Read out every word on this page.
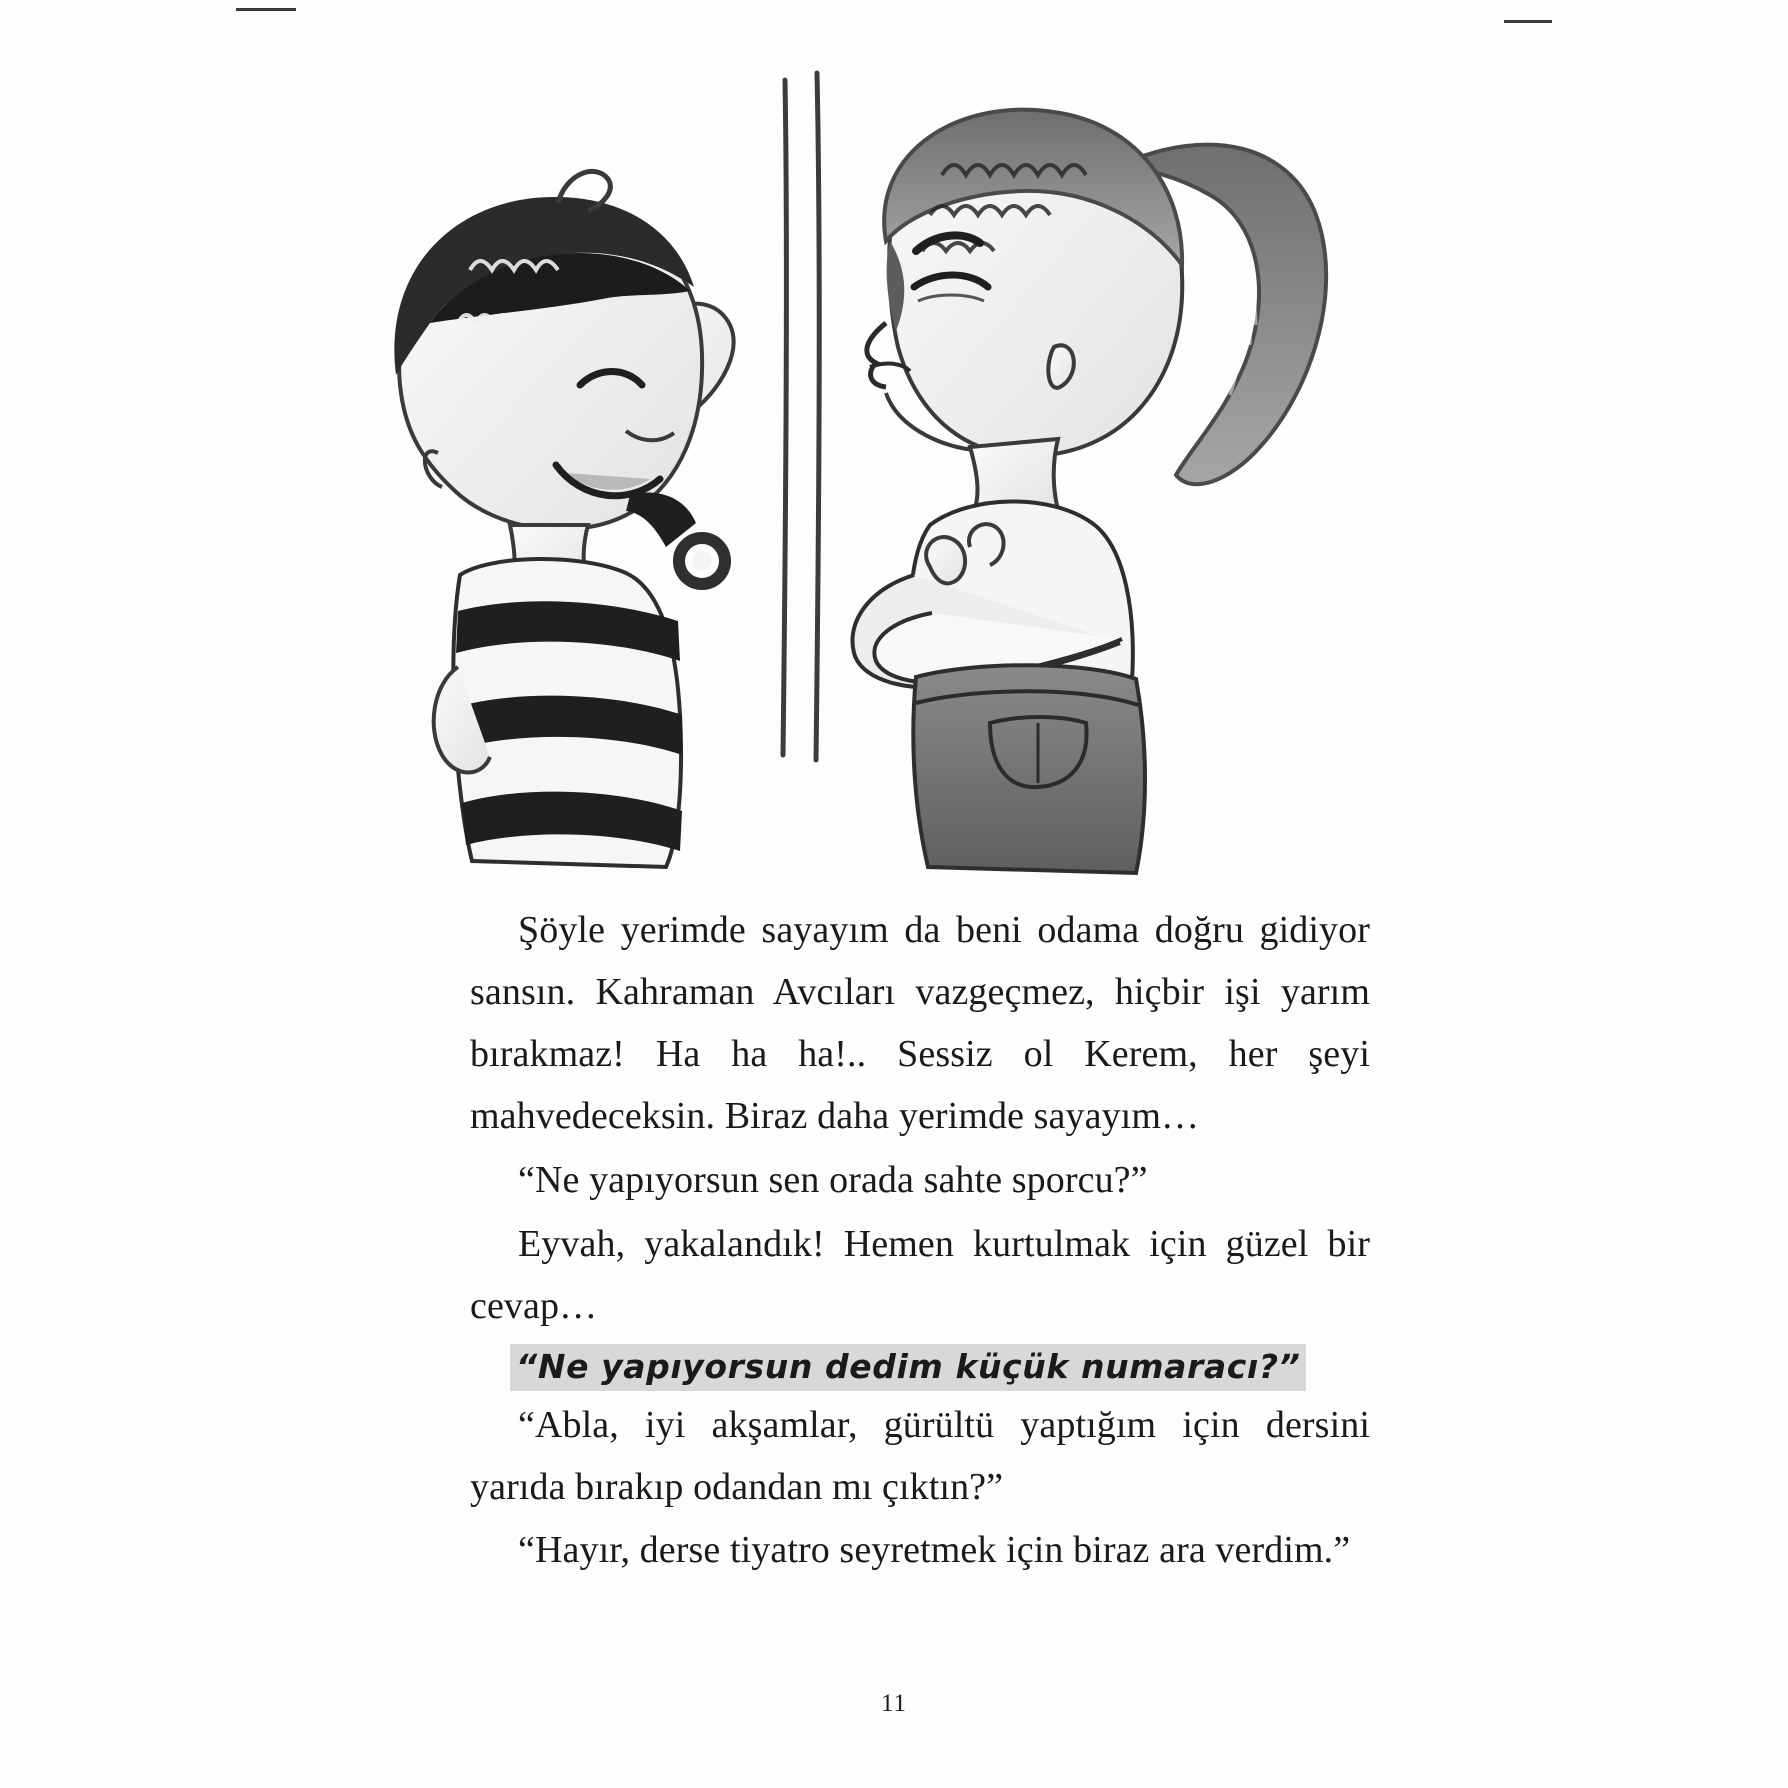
Şöyle yerimde sayayım da beni odama doğru gidiyor sansın. Kahraman Avcıları vazgeçmez, hiçbir işi yarım bırakmaz! Ha ha ha!.. Sessiz ol Kerem, her şeyi mahvedeceksin. Biraz daha yerimde sayayım…

“Ne yapıyorsun sen orada sahte sporcu?”

Eyvah, yakalandık! Hemen kurtulmak için güzel bir cevap…

“Ne yapıyorsun dedim küçük numaracı?”

“Abla, iyi akşamlar, gürültü yaptığım için dersini yarıda bırakıp odandan mı çıktın?”

“Hayır, derse tiyatro seyretmek için biraz ara verdim.”

11
